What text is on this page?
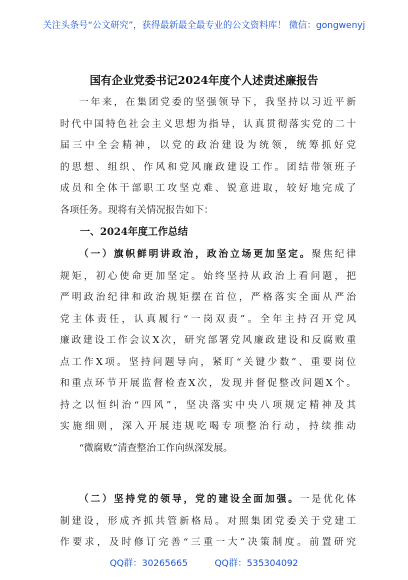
关注头条号“公文研究”，获得最新最全最专业的公文资料库！ 微信：gongwenyj
国有企业党委书记2024年度个人述责述廉报告
一年来，在集团党委的坚强领导下，我坚持以习近平新
时代中国特色社会主义思想为指导，认真贯彻落实党的二十
届三中全会精神，以党的政治建设为统领，统筹抓好党
的思想、组织、作风和党风廉政建设工作。团结带领班子
成员和全体干部职工攻坚克难、锐意进取，较好地完成了
各项任务。现将有关情况报告如下：
一、2024年度工作总结
（一）旗帜鲜明讲政治，政治立场更加坚定。聚焦纪律
规矩，初心使命更加坚定。始终坚持从政治上看问题，把
严明政治纪律和政治规矩摆在首位，严格落实全面从严治
党主体责任，认真履行“一岗双责”。全年主持召开党风
廉政建设工作会议X次，研究部署党风廉政建设和反腐败重
点工作X项。坚持问题导向，紧盯“关键少数”、重要岗位
和重点环节开展监督检查X次，发现并督促整改问题X个。
持之以恒纠治“四风”，坚决落实中央八项规定精神及其
实施细则，深入开展违规吃喝专项整治行动，持续推动
“微腐败”清查整治工作向纵深发展。
（二）坚持党的领导，党的建设全面加强。一是优化体
制建设，形成齐抓共管新格局。对照集团党委关于党建工
作要求，及时修订完善“三重一大”决策制度。前置研究
QQ群：30265665	QQ群：535304092
